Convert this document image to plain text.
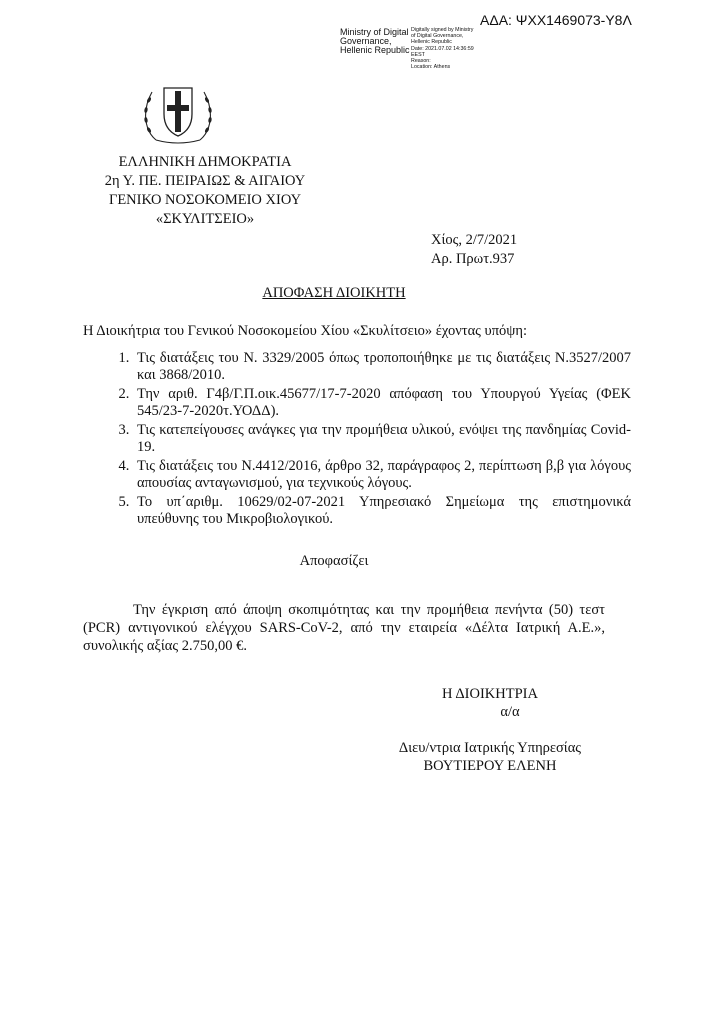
ΑΔΑ: ΨΧΧ1469073-Υ8Λ
Ministry of Digital
Governance,
Hellenic Republic
Digitally signed by Ministry
of Digital Governance,
Hellenic Republic
Date: 2021.07.02 14:36:59
EEST
Reason:
Location: Athens
ΕΛΛΗΝΙΚΗ ΔΗΜΟΚΡΑΤΙΑ
2η Υ. ΠΕ. ΠΕΙΡΑΙΩΣ & ΑΙΓΑΙΟΥ
ΓΕΝΙΚΟ ΝΟΣΟΚΟΜΕΙΟ ΧΙΟΥ
«ΣΚΥΛΙΤΣΕΙΟ»
Χίος, 2/7/2021
Αρ. Πρωτ.937
ΑΠΟΦΑΣΗ ΔΙΟΙΚΗΤΗ
Η Διοικήτρια του Γενικού Νοσοκομείου Χίου «Σκυλίτσειο» έχοντας υπόψη:
1. Τις διατάξεις του Ν. 3329/2005 όπως τροποποιήθηκε με τις διατάξεις Ν.3527/2007 και 3868/2010.
2. Την αριθ. Γ4β/Γ.Π.οικ.45677/17-7-2020 απόφαση του Υπουργού Υγείας (ΦΕΚ 545/23-7-2020τ.ΥΟΔΔ).
3. Τις κατεπείγουσες ανάγκες για την προμήθεια υλικού, ενόψει της πανδημίας Covid-19.
4. Τις διατάξεις του Ν.4412/2016, άρθρο 32, παράγραφος 2, περίπτωση β,β για λόγους απουσίας ανταγωνισμού, για τεχνικούς λόγους.
5. Το υπ΄αριθμ. 10629/02-07-2021 Υπηρεσιακό Σημείωμα της επιστημονικά υπεύθυνης του Μικροβιολογικού.
Αποφασίζει
Την έγκριση από άποψη σκοπιμότητας και την προμήθεια πενήντα (50) τεστ (PCR) αντιγονικού ελέγχου SARS-CoV-2, από την εταιρεία «Δέλτα Ιατρική Α.Ε.», συνολικής αξίας 2.750,00 €.
Η ΔΙΟΙΚΗΤΡΙΑ
α/α
Διευ/ντρια Ιατρικής Υπηρεσίας
ΒΟΥΤΙΕΡΟΥ ΕΛΕΝΗ
